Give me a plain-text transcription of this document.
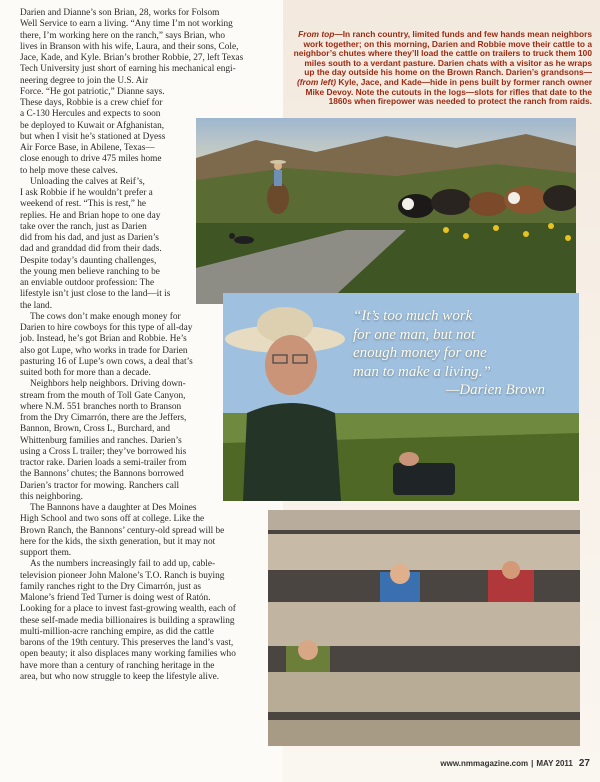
From top—In ranch country, limited funds and few hands mean neighbors work together; on this morning, Darien and Robbie move their cattle to a neighbor’s chutes where they’ll load the cattle on trailers to truck them 100 miles south to a verdant pasture. Darien chats with a visitor as he wraps up the day outside his home on the Brown Ranch. Darien’s grandsons—(from left) Kyle, Jace, and Kade—hide in pens built by former ranch owner Mike Devoy. Note the cutouts in the logs—slots for rifles that date to the 1860s when firepower was needed to protect the ranch from raids.
“It’s too much work
for one man, but not
enough money for one
man to make a living.”
—Darien Brown

Darien and Dianne’s son Brian, 28, works for Folsom
Well Service to earn a living. “Any time I’m not working
there, I’m working here on the ranch,” says Brian, who
lives in Branson with his wife, Laura, and their sons, Cole,
Jace, Kade, and Kyle. Brian’s brother Robbie, 27, left Texas
Tech University just short of earning his mechanical engi-
neering degree to join the U.S. Air
Force. “He got patriotic,” Dianne says.
These days, Robbie is a crew chief for
a C-130 Hercules and expects to soon
be deployed to Kuwait or Afghanistan,
but when I visit he’s stationed at Dyess
Air Force Base, in Abilene, Texas—
close enough to drive 475 miles home
to help move these calves.

Unloading the calves at Reif’s,
I ask Robbie if he wouldn’t prefer a
weekend of rest. “This is rest,” he
replies. He and Brian hope to one day
take over the ranch, just as Darien
did from his dad, and just as Darien’s
dad and granddad did from their dads.
Despite today’s daunting challenges,
the young men believe ranching to be
an enviable outdoor profession: The
lifestyle isn’t just close to the land—it is
the land.

The cows don’t make enough money for
Darien to hire cowboys for this type of all-day
job. Instead, he’s got Brian and Robbie. He’s
also got Lupe, who works in trade for Darien
pasturing 16 of Lupe’s own cows, a deal that’s
suited both for more than a decade.

Neighbors help neighbors. Driving down-
stream from the mouth of Toll Gate Canyon,
where N.M. 551 branches north to Branson
from the Dry Cimarrón, there are the Jeffers,
Bannon, Brown, Cross L, Burchard, and
Whittenburg families and ranches. Darien’s
using a Cross L trailer; they’ve borrowed his
tractor rake. Darien loads a semi-trailer from
the Bannons’ chutes; the Bannons borrowed
Darien’s tractor for mowing. Ranchers call
this neighboring.

The Bannons have a daughter at Des Moines
High School and two sons off at college. Like the
Brown Ranch, the Bannons’ century-old spread will be
here for the kids, the sixth generation, but it may not
support them.

As the numbers increasingly fail to add up, cable-
television pioneer John Malone’s T.O. Ranch is buying
family ranches right to the Dry Cimarrón, just as
Malone’s friend Ted Turner is doing west of Ratón.
Looking for a place to invest fast-growing wealth, each of
these self-made media billionaires is building a sprawling
multi-million-acre ranching empire, as did the cattle
barons of the 19th century. This preserves the land’s vast,
open beauty; it also displaces many working families who
have more than a century of ranching heritage in the
area, but who now struggle to keep the lifestyle alive.

www.nmmagazine.com | MAY 2011 27
